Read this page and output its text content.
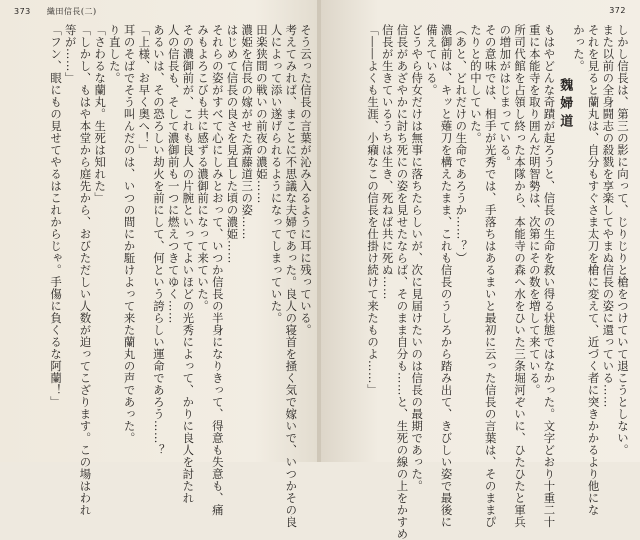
373 織田信長(二)
そう云った信長の言葉が沁み入るように耳に残っている。
考えてみれば、まことに不思議な夫婦であった。良人の寝首を掻く気で嫁いで、いつかその良
人によって添い遂げられるようになってしまっていた。
田楽狭間の戦いの前夜の濃姫……
濃姫を信長の嫁がせた斎藤道三の姿……
はじめて信長の良さを見直した頃の濃姫……
それらの姿がすべて心にしみとおって、いつか信長の半身になりきって、得意も失意も、痛
みもよろこびも共に感ずる濃御前になって来ていた。
その濃御前が、これも良人の片腕といってよいほどの光秀によって、かりに良人を討たれ
人の信長も、そして濃御前も一つに燃えつきてゆく……
あるいは、その恐ろしい劫火を前にして、何という誇らしい運命であろう……？
「上様、お早く奥へ！」
耳のそばでそう叫んだのは、いつの間にか駈けよって来た蘭丸の声であった。
り直した。
「さわるな蘭丸。生死は知れた」
「しかし、もはや本堂から庭先から、おびただしい人数が迫ってこざります。この場はわれ
等が……」
「フン、眼にもの見せてやるはこれからじゃ。手傷に負くるな阿蘭！」
372
しかし信長は、第三の影に向って、じりじりと槍をつけていて退こうとしない。
また以前の全身闘志の殺戮を享楽してやまぬ信長の姿に還っている……
それを見ると蘭丸は、自分もすぐさま太刀を槍に変えて、近づく者に突きかかるより他にな
かった。
魏婦道
もはやどんな奇蹟が起ろうと、信長の生命を救い得る状態ではなかった。文字どおり十重二十
重に本能寺を取り囲んだ明智勢は、次第にその数を増して来ている。
所司代館を占領し終った本隊から、本能寺の森へ水をひいた三条堀河ぞいに、ひたひたと軍兵
の増加がはじまっている。
その意味では、相手が光秀では、手落ちはあるまいと最初に云った信長の言葉は、そのままぴ
たりと的中していた。
（あと、どれだけの生命であろうか……？）
濃御前は、キッと薙刀を構えたまま、これも信長のうしろから踏み出て、きびしい姿で最後に
備えている。
どうやら侍女だけは無事に落ちたらしいが、次に見届けたいのは信長の最期であった。
信長があざやかに討ち死にの姿を見せたならば、そのまま自分も……と、生死の線の上をかすめ
信長が生きているうちは生き、死ねば共に死ぬ……
「――よくも生涯、小癪なこの信長を仕掛け続けて来たものよ……」
